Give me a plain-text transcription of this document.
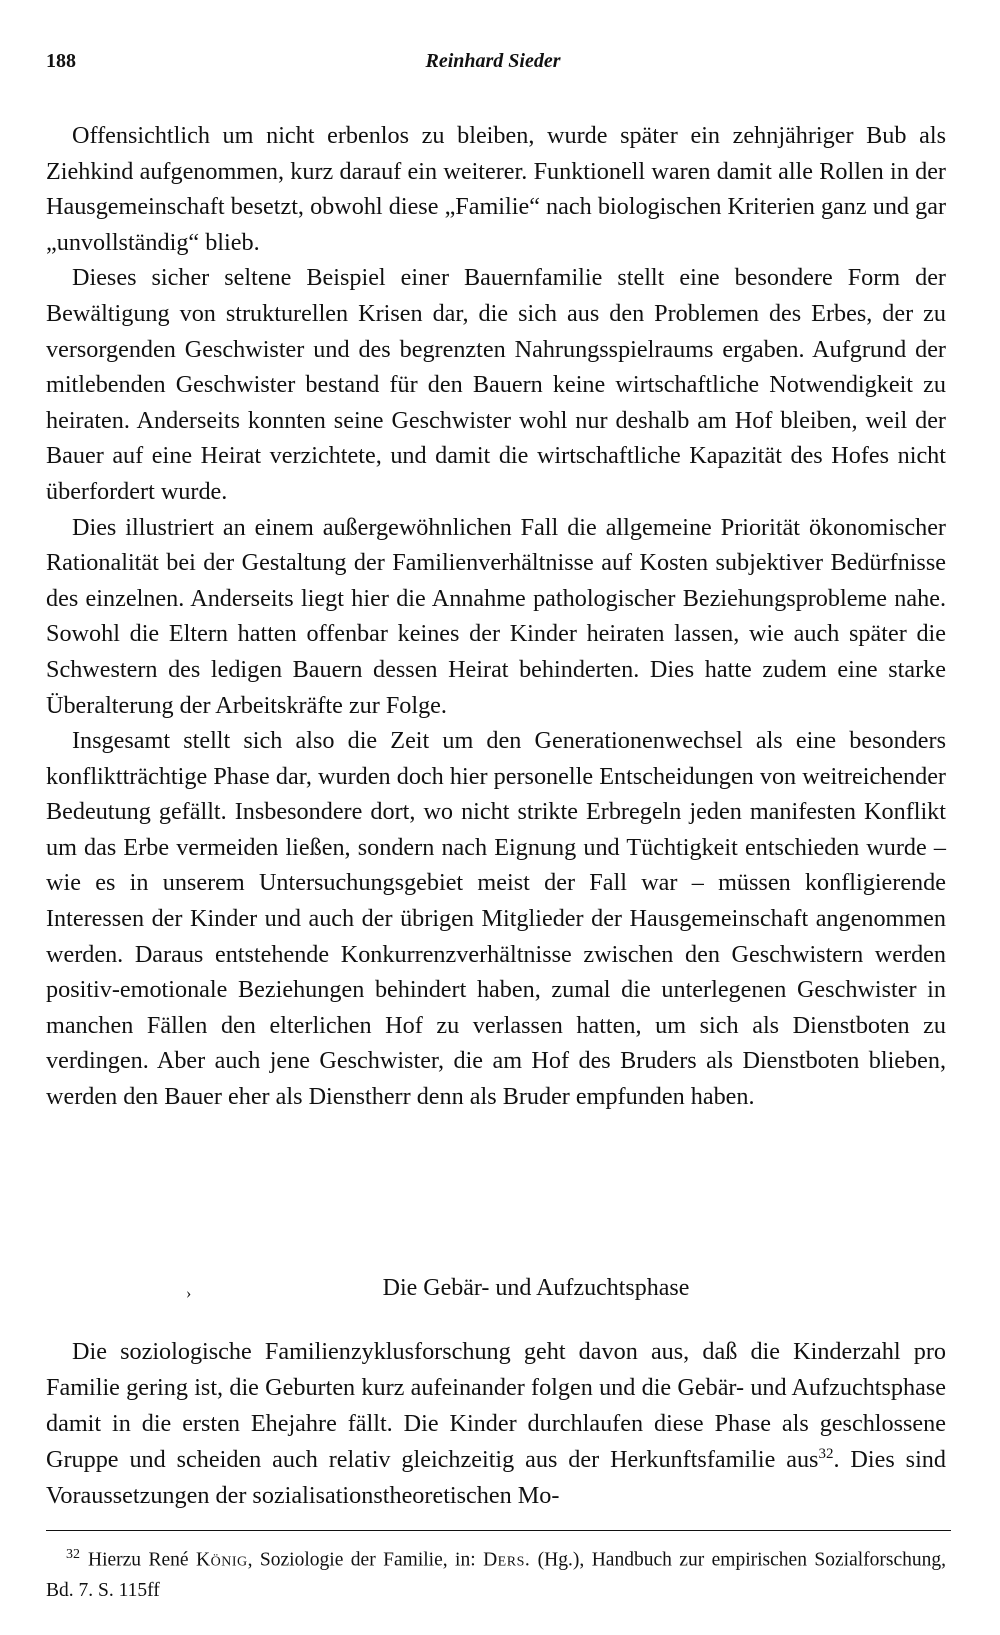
188	Reinhard Sieder

Offensichtlich um nicht erbenlos zu bleiben, wurde später ein zehnjähriger Bub als Ziehkind aufgenommen, kurz darauf ein weiterer. Funktionell waren damit alle Rollen in der Hausgemeinschaft besetzt, obwohl diese „Familie“ nach biologischen Kriterien ganz und gar „unvollständig“ blieb.

Dieses sicher seltene Beispiel einer Bauernfamilie stellt eine besondere Form der Bewältigung von strukturellen Krisen dar, die sich aus den Problemen des Erbes, der zu versorgenden Geschwister und des begrenzten Nahrungsspielraums ergaben. Aufgrund der mitlebenden Geschwister bestand für den Bauern keine wirtschaftliche Notwendigkeit zu heiraten. Anderseits konnten seine Geschwister wohl nur deshalb am Hof bleiben, weil der Bauer auf eine Heirat verzichtete, und damit die wirtschaftliche Kapazität des Hofes nicht überfordert wurde.

Dies illustriert an einem außergewöhnlichen Fall die allgemeine Priorität ökonomischer Rationalität bei der Gestaltung der Familienverhältnisse auf Kosten subjektiver Bedürfnisse des einzelnen. Anderseits liegt hier die Annahme pathologischer Beziehungsprobleme nahe. Sowohl die Eltern hatten offenbar keines der Kinder heiraten lassen, wie auch später die Schwestern des ledigen Bauern dessen Heirat behinderten. Dies hatte zudem eine starke Überalterung der Arbeitskräfte zur Folge.

Insgesamt stellt sich also die Zeit um den Generationenwechsel als eine besonders konfliktträchtige Phase dar, wurden doch hier personelle Entscheidungen von weitreichender Bedeutung gefällt. Insbesondere dort, wo nicht strikte Erbregeln jeden manifesten Konflikt um das Erbe vermeiden ließen, sondern nach Eignung und Tüchtigkeit entschieden wurde – wie es in unserem Untersuchungsgebiet meist der Fall war – müssen konfligierende Interessen der Kinder und auch der übrigen Mitglieder der Hausgemeinschaft angenommen werden. Daraus entstehende Konkurrenzverhältnisse zwischen den Geschwistern werden positiv-emotionale Beziehungen behindert haben, zumal die unterlegenen Geschwister in manchen Fällen den elterlichen Hof zu verlassen hatten, um sich als Dienstboten zu verdingen. Aber auch jene Geschwister, die am Hof des Bruders als Dienstboten blieben, werden den Bauer eher als Dienstherr denn als Bruder empfunden haben.

›	Die Gebär- und Aufzuchtsphase

Die soziologische Familienzyklusforschung geht davon aus, daß die Kinderzahl pro Familie gering ist, die Geburten kurz aufeinander folgen und die Gebär- und Aufzuchtsphase damit in die ersten Ehejahre fällt. Die Kinder durchlaufen diese Phase als geschlossene Gruppe und scheiden auch relativ gleichzeitig aus der Herkunftsfamilie aus$^{32}$. Dies sind Voraussetzungen der sozialisationstheoretischen Mo-

$^{32}$ Hierzu René König, Soziologie der Familie, in: Ders. (Hg.), Handbuch zur empirischen Sozialforschung, Bd. 7. S. 115ff
